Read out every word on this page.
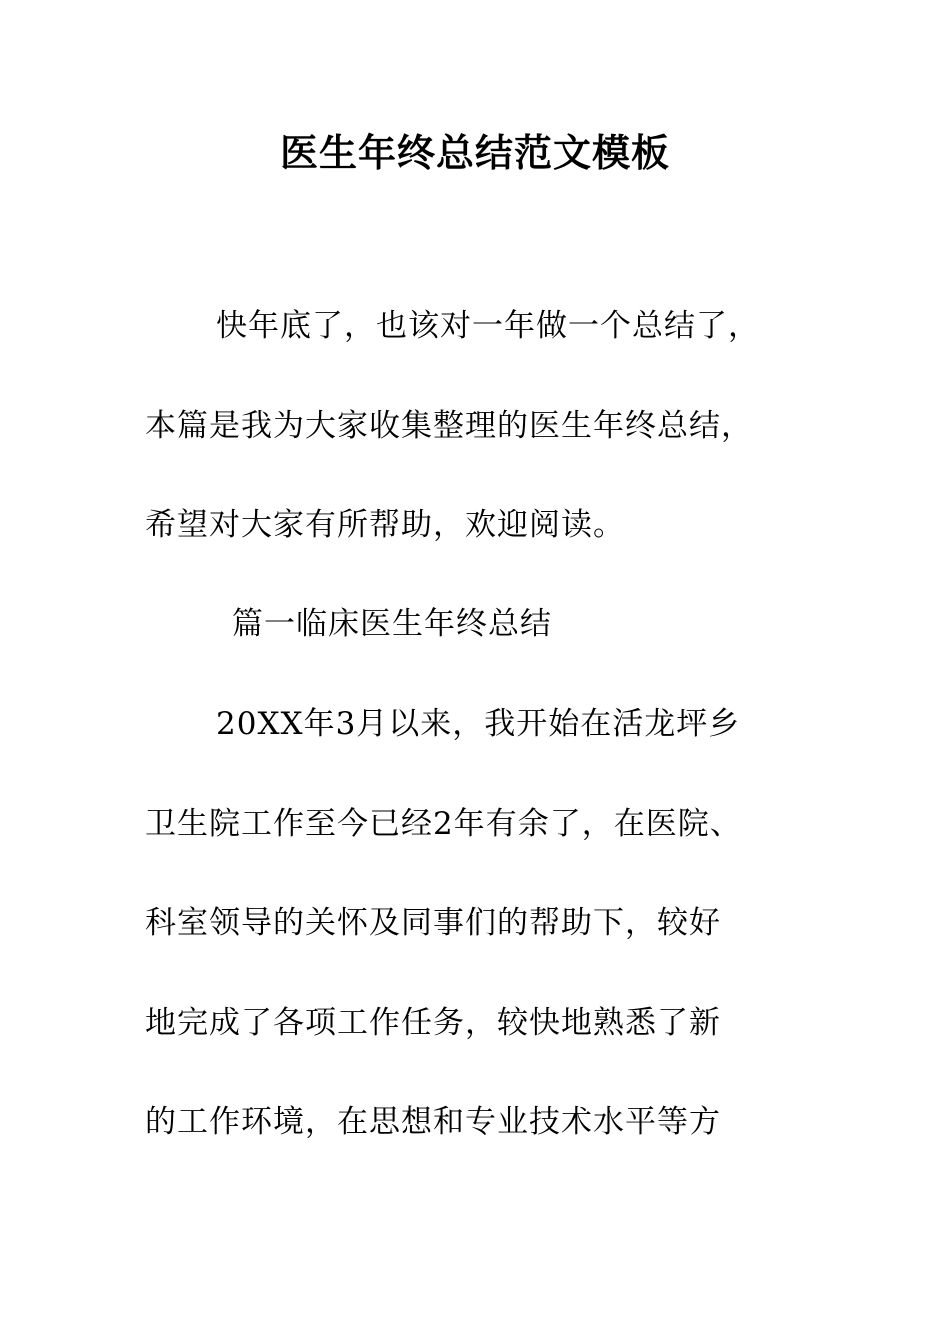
医生年终总结范文模板
快年底了，也该对一年做一个总结了，
本篇是我为大家收集整理的医生年终总结，
希望对大家有所帮助，欢迎阅读。
篇一临床医生年终总结
20XX年3月以来，我开始在活龙坪乡
卫生院工作至今已经2年有余了，在医院、
科室领导的关怀及同事们的帮助下，较好
地完成了各项工作任务，较快地熟悉了新
的工作环境，在思想和专业技术水平等方
